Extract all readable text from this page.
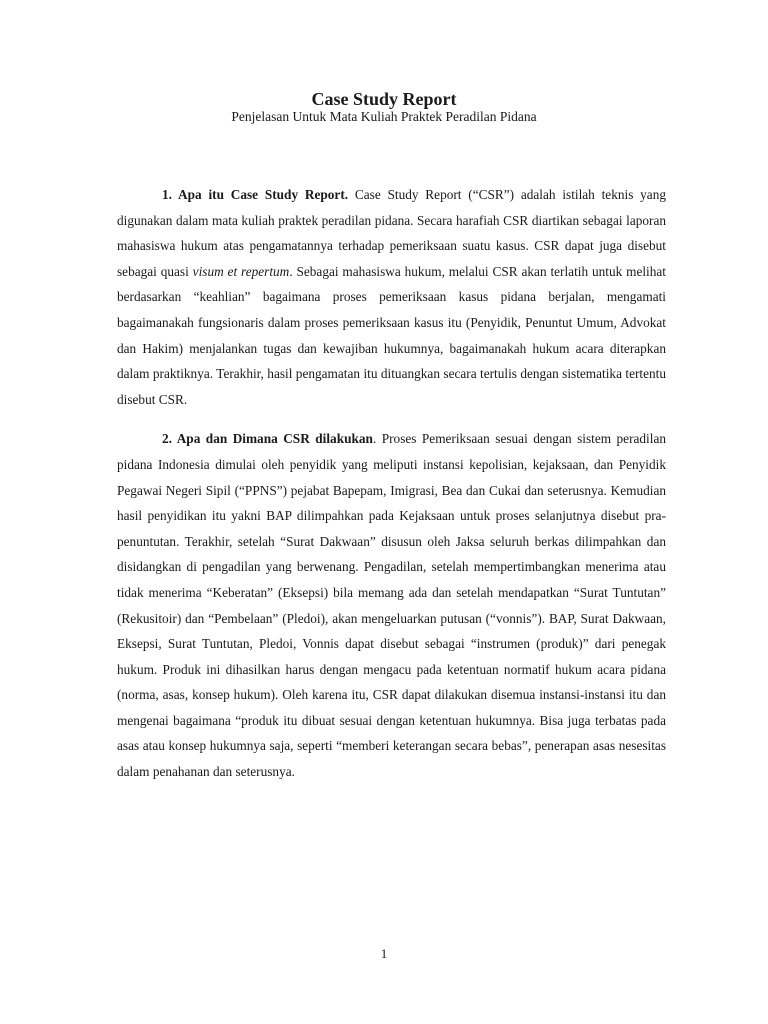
Case Study Report

Penjelasan Untuk Mata Kuliah Praktek Peradilan Pidana

1. Apa itu Case Study Report. Case Study Report (“CSR”) adalah istilah teknis yang digunakan dalam mata kuliah praktek peradilan pidana. Secara harafiah CSR diartikan sebagai laporan mahasiswa hukum atas pengamatannya terhadap pemeriksaan suatu kasus. CSR dapat juga disebut sebagai quasi visum et repertum. Sebagai mahasiswa hukum, melalui CSR akan terlatih untuk melihat berdasarkan “keahlian” bagaimana proses pemeriksaan kasus pidana berjalan, mengamati bagaimanakah fungsionaris dalam proses pemeriksaan kasus itu (Penyidik, Penuntut Umum, Advokat dan Hakim) menjalankan tugas dan kewajiban hukumnya, bagaimanakah hukum acara diterapkan dalam praktiknya. Terakhir, hasil pengamatan itu dituangkan secara tertulis dengan sistematika tertentu disebut CSR.

2. Apa dan Dimana CSR dilakukan. Proses Pemeriksaan sesuai dengan sistem peradilan pidana Indonesia dimulai oleh penyidik yang meliputi instansi kepolisian, kejaksaan, dan Penyidik Pegawai Negeri Sipil (“PPNS”) pejabat Bapepam, Imigrasi, Bea dan Cukai dan seterusnya. Kemudian hasil penyidikan itu yakni BAP dilimpahkan pada Kejaksaan untuk proses selanjutnya disebut pra-penuntutan. Terakhir, setelah “Surat Dakwaan” disusun oleh Jaksa seluruh berkas dilimpahkan dan disidangkan di pengadilan yang berwenang. Pengadilan, setelah mempertimbangkan menerima atau tidak menerima “Keberatan” (Eksepsi) bila memang ada dan setelah mendapatkan “Surat Tuntutan” (Rekusitoir) dan “Pembelaan” (Pledoi), akan mengeluarkan putusan (“vonnis”). BAP, Surat Dakwaan, Eksepsi, Surat Tuntutan, Pledoi, Vonnis dapat disebut sebagai “instrumen (produk)” dari penegak hukum. Produk ini dihasilkan harus dengan mengacu pada ketentuan normatif hukum acara pidana (norma, asas, konsep hukum). Oleh karena itu, CSR dapat dilakukan disemua instansi-instansi itu dan mengenai bagaimana “produk itu dibuat sesuai dengan ketentuan hukumnya. Bisa juga terbatas pada asas atau konsep hukumnya saja, seperti “memberi keterangan secara bebas”, penerapan asas nesesitas dalam penahanan dan seterusnya.

1
